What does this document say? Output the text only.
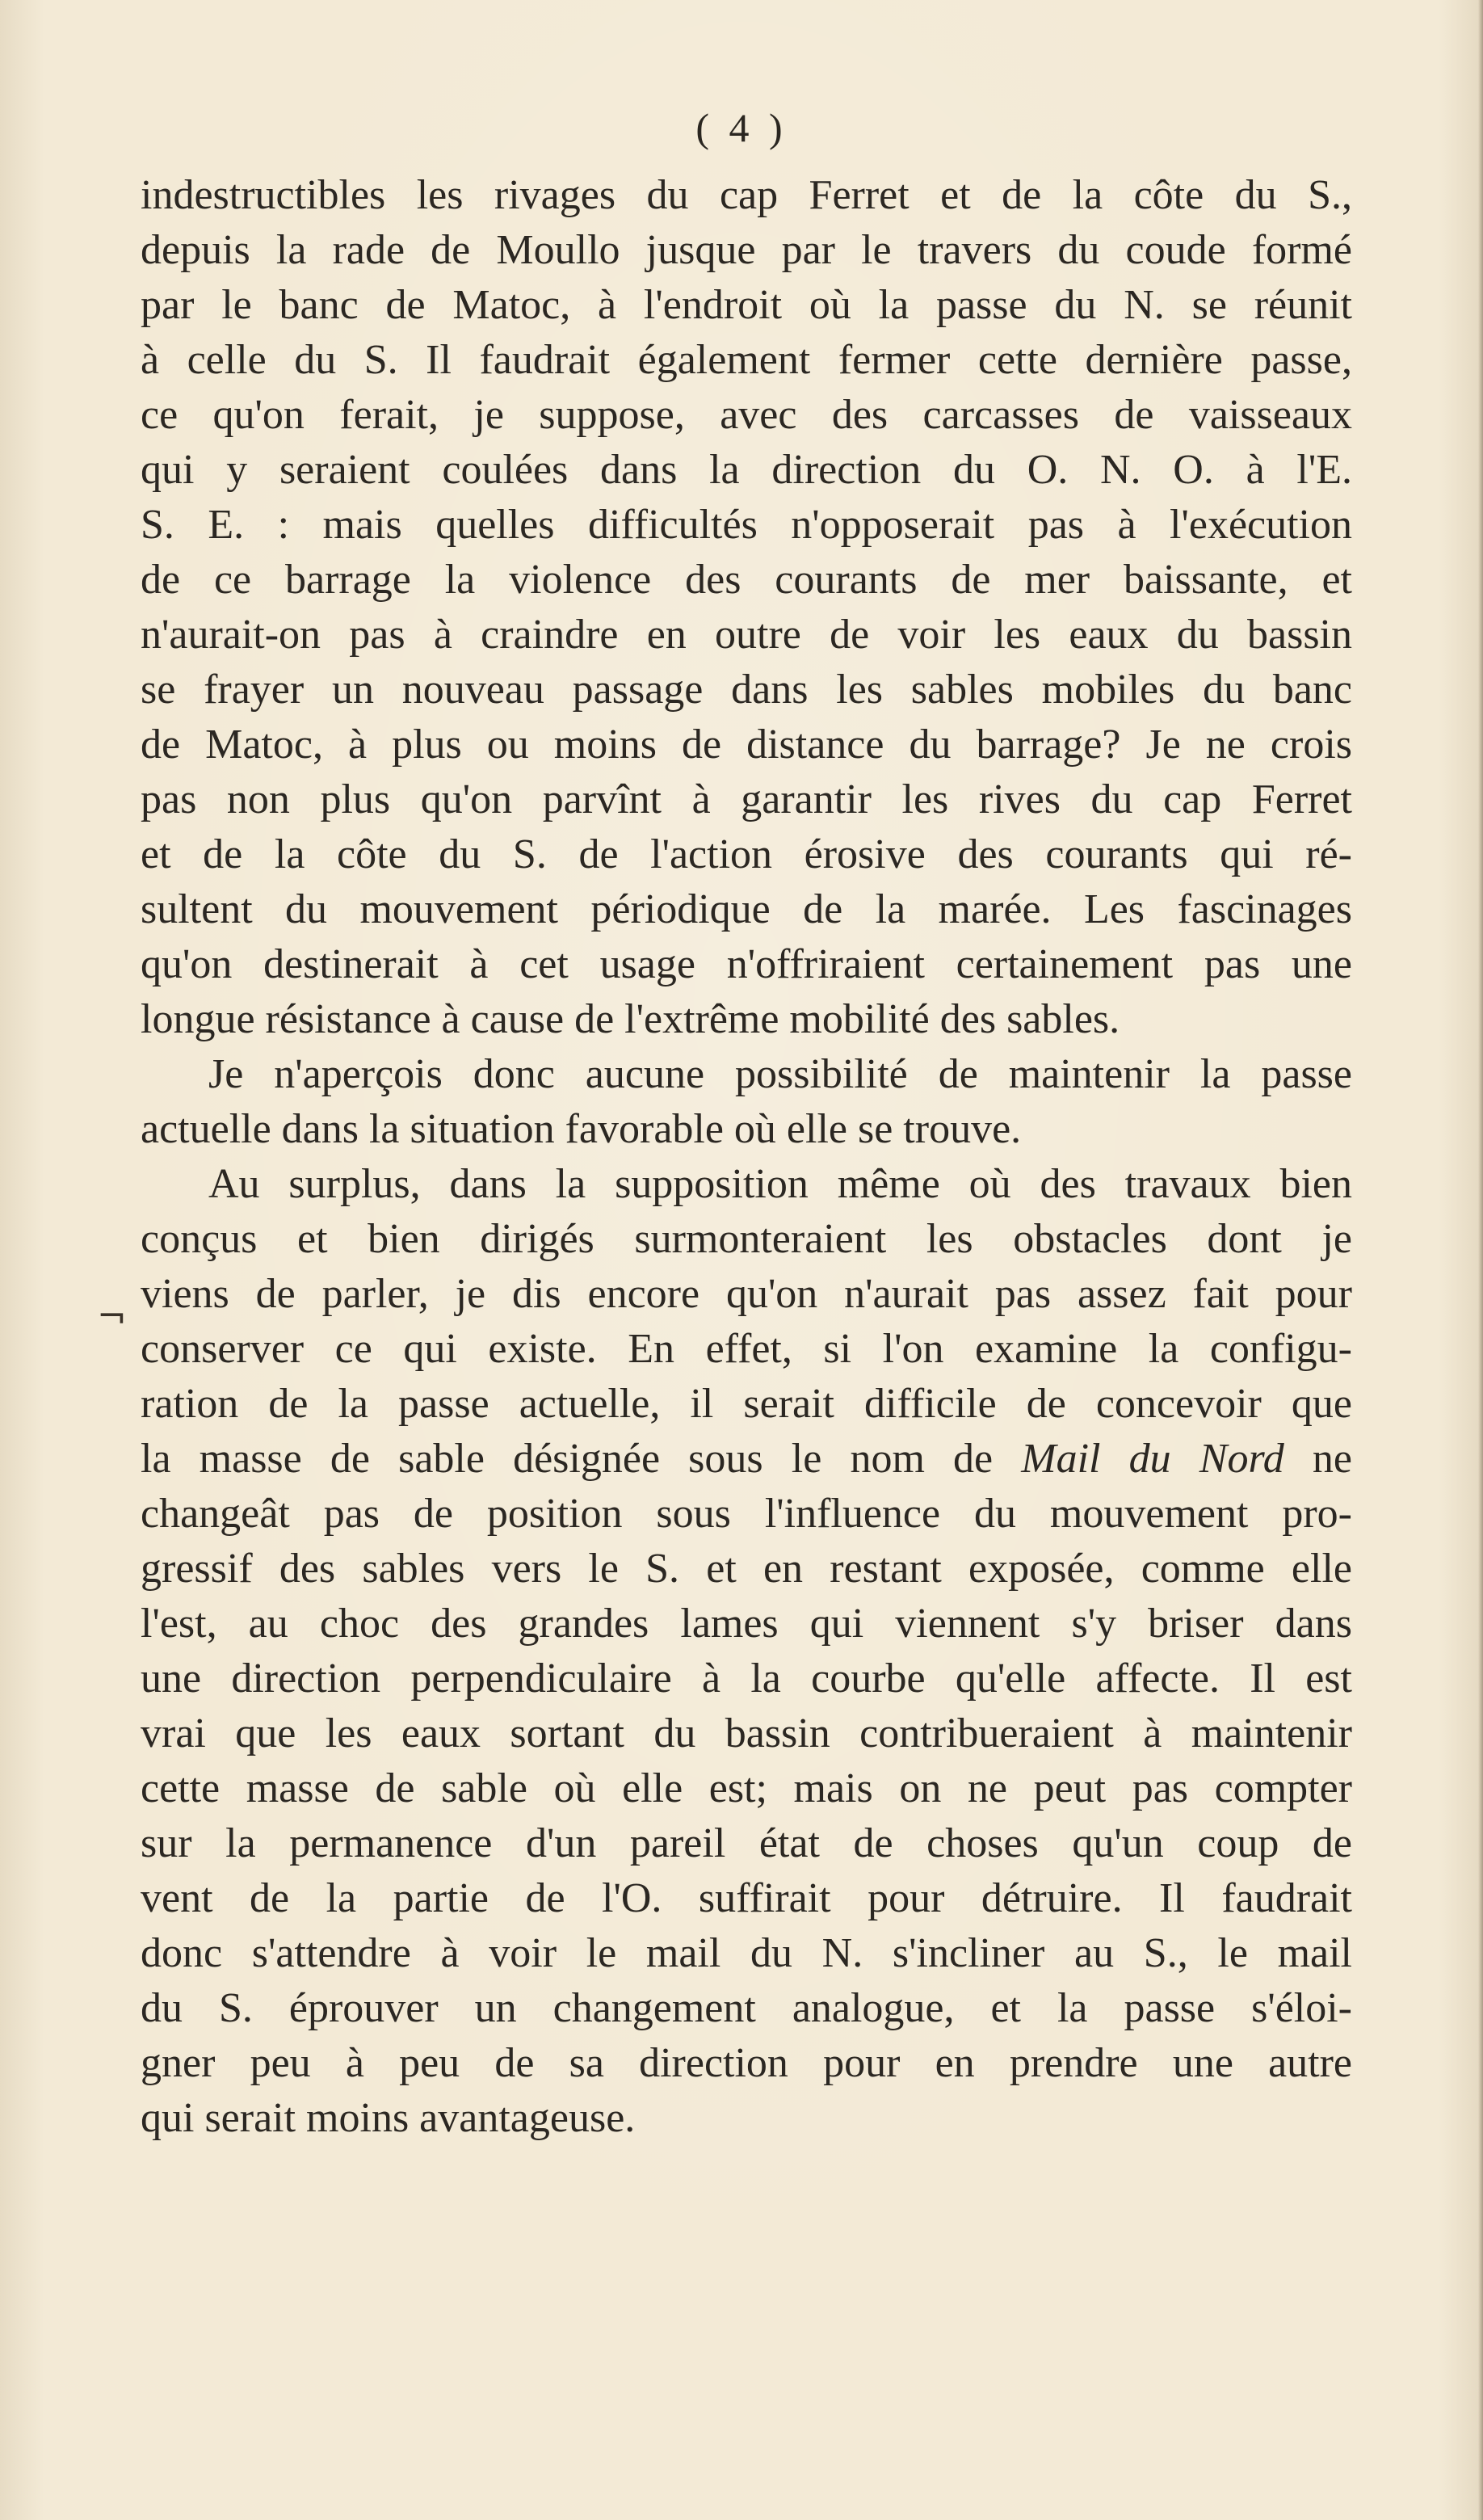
( 4 )

¬
indestructibles les rivages du cap Ferret et de la côte du S.,
depuis la rade de Moullo jusque par le travers du coude formé
par le banc de Matoc, à l'endroit où la passe du N. se réunit
à celle du S. Il faudrait également fermer cette dernière passe,
ce qu'on ferait, je suppose, avec des carcasses de vaisseaux
qui y seraient coulées dans la direction du O. N. O. à l'E.
S. E. : mais quelles difficultés n'opposerait pas à l'exécution
de ce barrage la violence des courants de mer baissante, et
n'aurait-on pas à craindre en outre de voir les eaux du bassin
se frayer un nouveau passage dans les sables mobiles du banc
de Matoc, à plus ou moins de distance du barrage? Je ne crois
pas non plus qu'on parvînt à garantir les rives du cap Ferret
et de la côte du S. de l'action érosive des courants qui ré-
sultent du mouvement périodique de la marée. Les fascinages
qu'on destinerait à cet usage n'offriraient certainement pas une
longue résistance à cause de l'extrême mobilité des sables.
Je n'aperçois donc aucune possibilité de maintenir la passe
actuelle dans la situation favorable où elle se trouve.
Au surplus, dans la supposition même où des travaux bien
conçus et bien dirigés surmonteraient les obstacles dont je
viens de parler, je dis encore qu'on n'aurait pas assez fait pour
conserver ce qui existe. En effet, si l'on examine la configu-
ration de la passe actuelle, il serait difficile de concevoir que
la masse de sable désignée sous le nom de Mail du Nord ne
changeât pas de position sous l'influence du mouvement pro-
gressif des sables vers le S. et en restant exposée, comme elle
l'est, au choc des grandes lames qui viennent s'y briser dans
une direction perpendiculaire à la courbe qu'elle affecte. Il est
vrai que les eaux sortant du bassin contribueraient à maintenir
cette masse de sable où elle est; mais on ne peut pas compter
sur la permanence d'un pareil état de choses qu'un coup de
vent de la partie de l'O. suffirait pour détruire. Il faudrait
donc s'attendre à voir le mail du N. s'incliner au S., le mail
du S. éprouver un changement analogue, et la passe s'éloi-
gner peu à peu de sa direction pour en prendre une autre
qui serait moins avantageuse.
